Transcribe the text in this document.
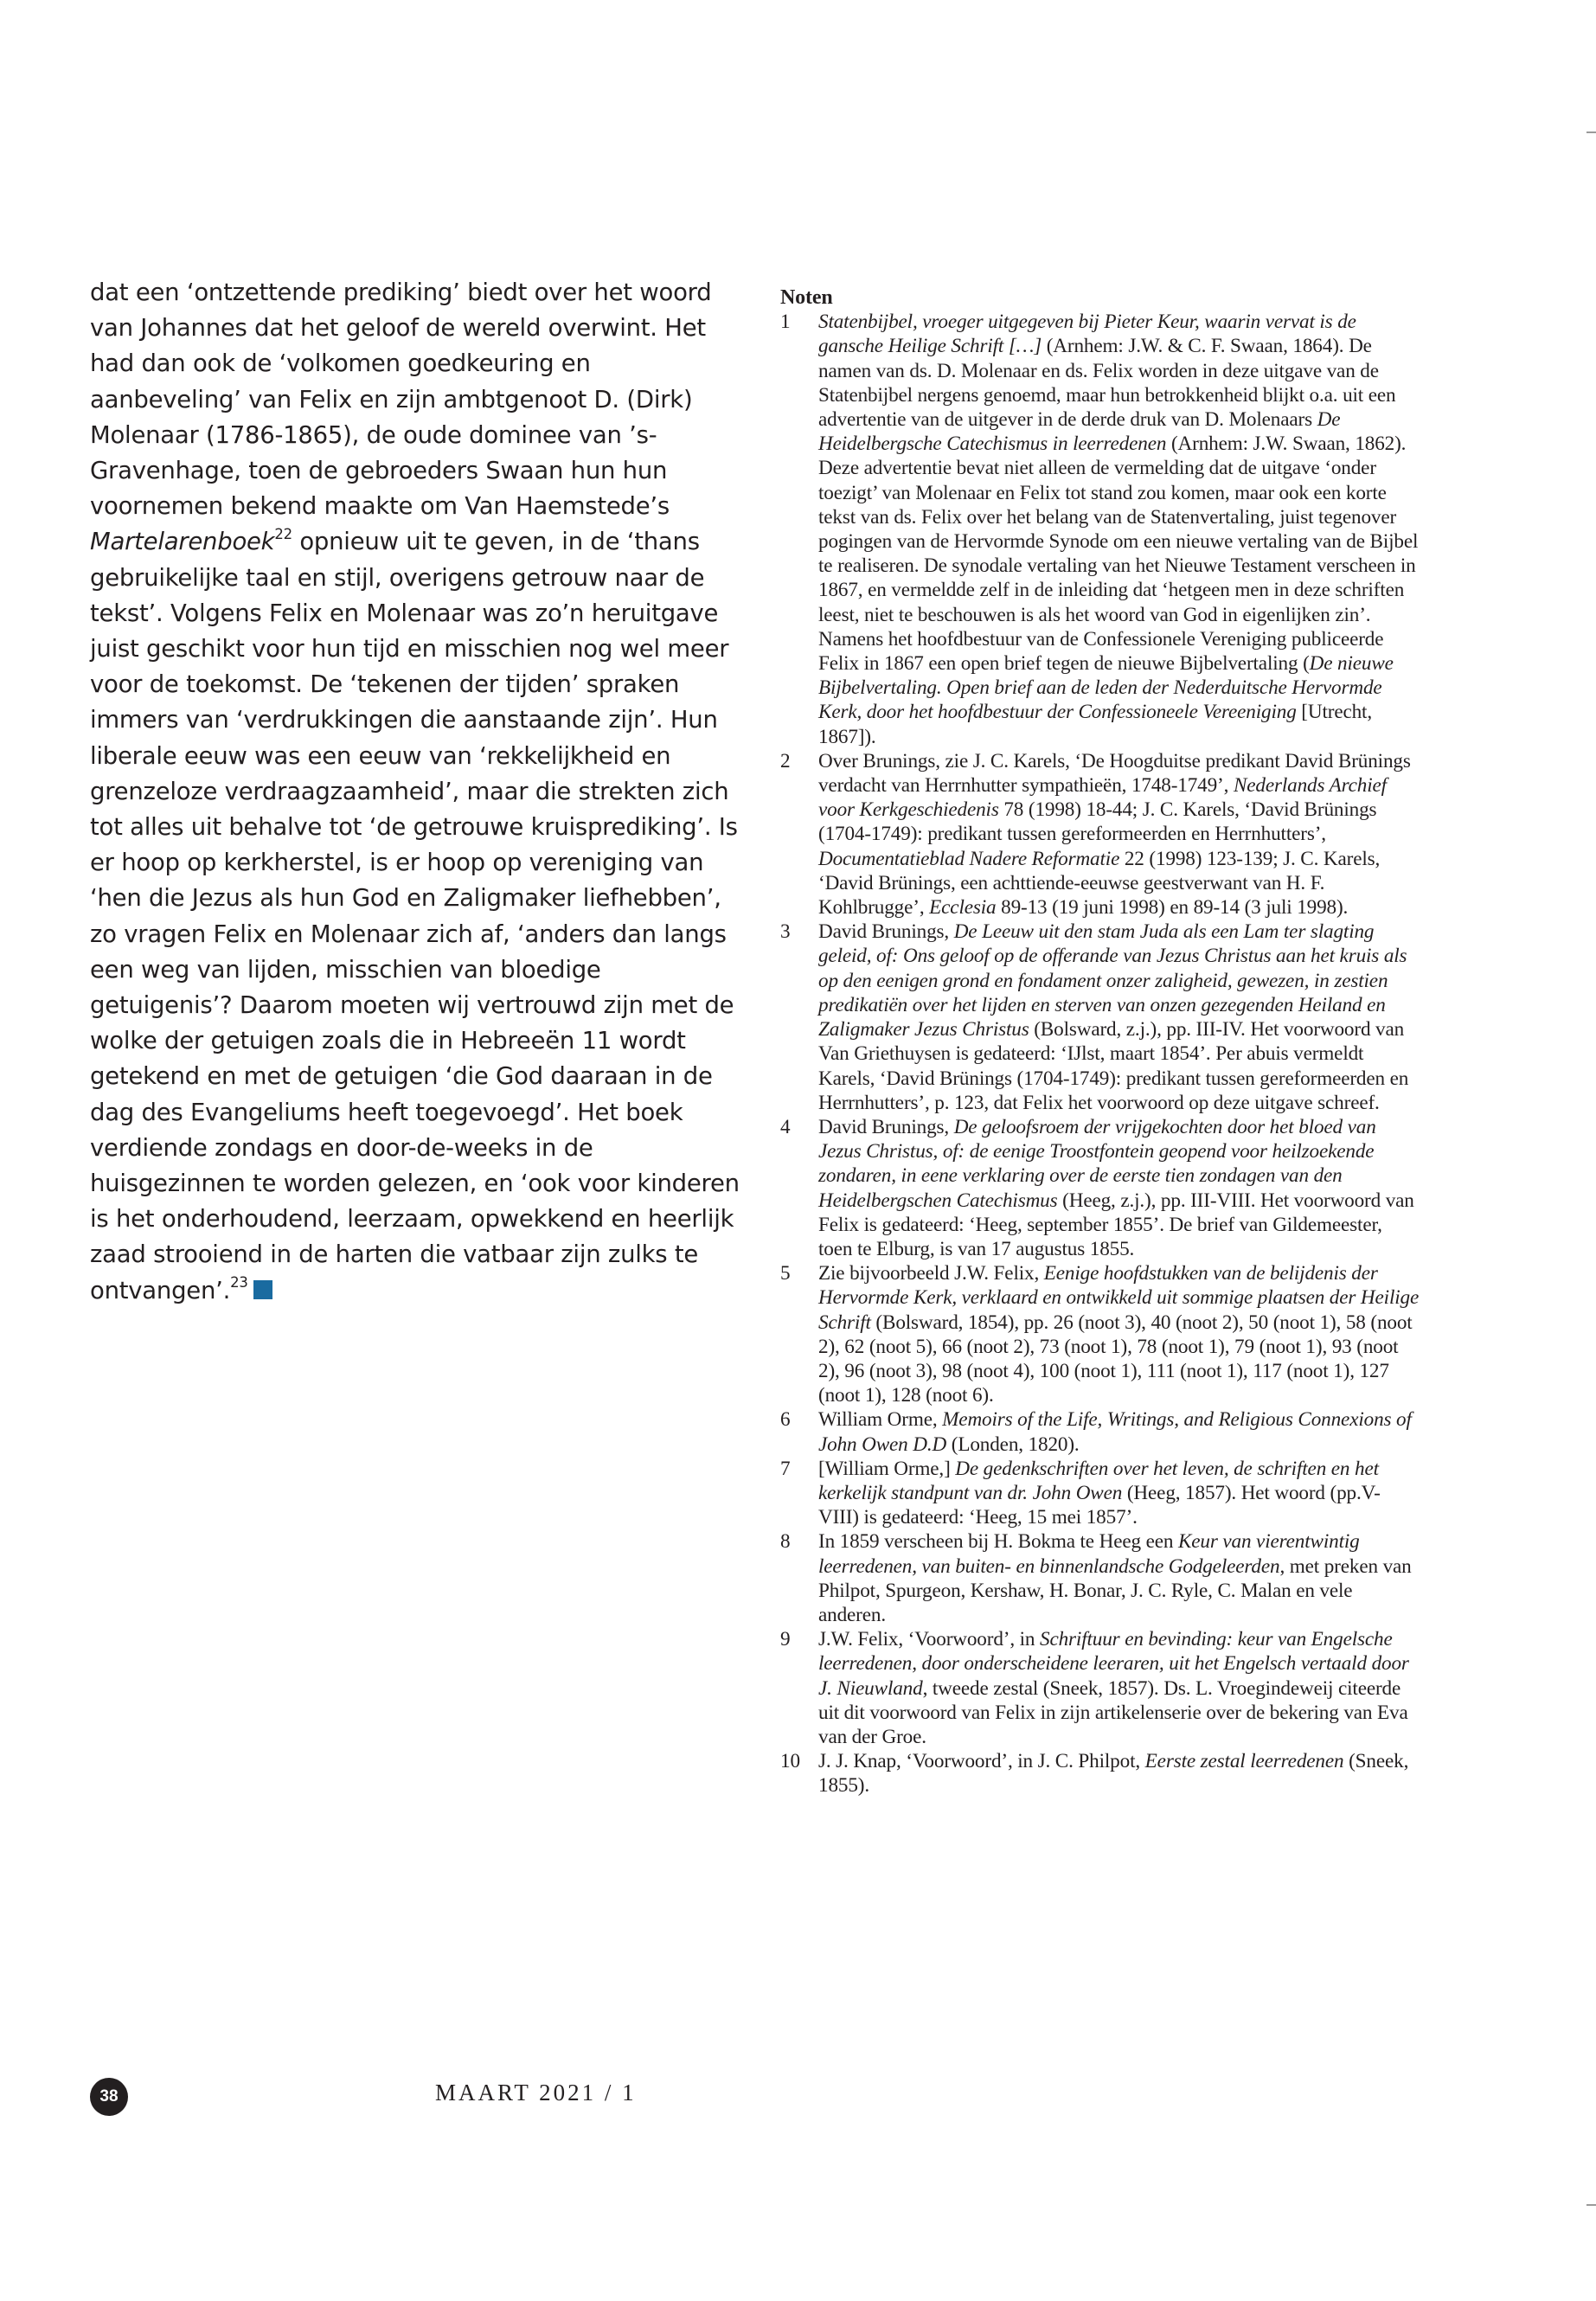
dat een ‘ontzettende prediking’ biedt over het woord van Johannes dat het geloof de wereld overwint. Het had dan ook de ‘volkomen goedkeuring en aanbeveling’ van Felix en zijn ambtgenoot D. (Dirk) Molenaar (1786-1865), de oude dominee van ’s-Gravenhage, toen de gebroeders Swaan hun hun voornemen bekend maakte om Van Haemstede’s Martelarenboek$^{22}$ opnieuw uit te geven, in de ‘thans gebruikelijke taal en stijl, overigens getrouw naar de tekst’. Volgens Felix en Molenaar was zo’n heruitgave juist geschikt voor hun tijd en misschien nog wel meer voor de toekomst. De ‘tekenen der tijden’ spraken immers van ‘verdrukkingen die aanstaande zijn’. Hun liberale eeuw was een eeuw van ‘rekkelijkheid en grenzeloze verdraagzaamheid’, maar die strekten zich tot alles uit behalve tot ‘de getrouwe kruisprediking’. Is er hoop op kerkherstel, is er hoop op vereniging van ‘hen die Jezus als hun God en Zaligmaker liefhebben’, zo vragen Felix en Molenaar zich af, ‘anders dan langs een weg van lijden, misschien van bloedige getuigenis’? Daarom moeten wij vertrouwd zijn met de wolke der getuigen zoals die in Hebreeën 11 wordt getekend en met de getuigen ‘die God daaraan in de dag des Evangeliums heeft toegevoegd’. Het boek verdiende zondags en door-de-weeks in de huisgezinnen te worden gelezen, en ‘ook voor kinderen is het onderhoudend, leerzaam, opwekkend en heerlijk zaad strooiend in de harten die vatbaar zijn zulks te ontvangen’.$^{23}$

Noten

1	Statenbijbel, vroeger uitgegeven bij Pieter Keur, waarin vervat is de gansche Heilige Schrift […] (Arnhem: J.W. & C. F. Swaan, 1864). De namen van ds. D. Molenaar en ds. Felix worden in deze uitgave van de Statenbijbel nergens genoemd, maar hun betrokkenheid blijkt o.a. uit een advertentie van de uitgever in de derde druk van D. Molenaars De Heidelbergsche Catechismus in leerredenen (Arnhem: J.W. Swaan, 1862). Deze advertentie bevat niet alleen de vermelding dat de uitgave ‘onder toezigt’ van Molenaar en Felix tot stand zou komen, maar ook een korte tekst van ds. Felix over het belang van de Statenvertaling, juist tegenover pogingen van de Hervormde Synode om een nieuwe vertaling van de Bijbel te realiseren. De synodale vertaling van het Nieuwe Testament verscheen in 1867, en vermeldde zelf in de inleiding dat ‘hetgeen men in deze schriften leest, niet te beschouwen is als het woord van God in eigenlijken zin’. Namens het hoofdbestuur van de Confessionele Vereniging publiceerde Felix in 1867 een open brief tegen de nieuwe Bijbelvertaling (De nieuwe Bijbelvertaling. Open brief aan de leden der Nederduitsche Hervormde Kerk, door het hoofdbestuur der Confessioneele Vereeniging [Utrecht, 1867]).
2	Over Brunings, zie J. C. Karels, ‘De Hoogduitse predikant David Brünings verdacht van Herrnhutter sympathieën, 1748-1749’, Nederlands Archief voor Kerkgeschiedenis 78 (1998) 18-44; J. C. Karels, ‘David Brünings (1704-1749): predikant tussen gereformeerden en Herrnhutters’, Documentatieblad Nadere Reformatie 22 (1998) 123-139; J. C. Karels, ‘David Brünings, een achttiende-eeuwse geestverwant van H. F. Kohlbrugge’, Ecclesia 89-13 (19 juni 1998) en 89-14 (3 juli 1998).
3	David Brunings, De Leeuw uit den stam Juda als een Lam ter slagting geleid, of: Ons geloof op de offerande van Jezus Christus aan het kruis als op den eenigen grond en fondament onzer zaligheid, gewezen, in zestien predikatiën over het lijden en sterven van onzen gezegenden Heiland en Zaligmaker Jezus Christus (Bolsward, z.j.), pp. III-IV. Het voorwoord van Van Griethuysen is gedateerd: ‘IJlst, maart 1854’. Per abuis vermeldt Karels, ‘David Brünings (1704-1749): predikant tussen gereformeerden en Herrnhutters’, p. 123, dat Felix het voorwoord op deze uitgave schreef.
4	David Brunings, De geloofsroem der vrijgekochten door het bloed van Jezus Christus, of: de eenige Troostfontein geopend voor heilzoekende zondaren, in eene verklaring over de eerste tien zondagen van den Heidelbergschen Catechismus (Heeg, z.j.), pp. III-VIII. Het voorwoord van Felix is gedateerd: ‘Heeg, september 1855’. De brief van Gildemeester, toen te Elburg, is van 17 augustus 1855.
5	Zie bijvoorbeeld J.W. Felix, Eenige hoofdstukken van de belijdenis der Hervormde Kerk, verklaard en ontwikkeld uit sommige plaatsen der Heilige Schrift (Bolsward, 1854), pp. 26 (noot 3), 40 (noot 2), 50 (noot 1), 58 (noot 2), 62 (noot 5), 66 (noot 2), 73 (noot 1), 78 (noot 1), 79 (noot 1), 93 (noot 2), 96 (noot 3), 98 (noot 4), 100 (noot 1), 111 (noot 1), 117 (noot 1), 127 (noot 1), 128 (noot 6).
6	William Orme, Memoirs of the Life, Writings, and Religious Connexions of John Owen D.D (Londen, 1820).
7	[William Orme,] De gedenkschriften over het leven, de schriften en het kerkelijk standpunt van dr. John Owen (Heeg, 1857). Het woord (pp.V-VIII) is gedateerd: ‘Heeg, 15 mei 1857’.
8	In 1859 verscheen bij H. Bokma te Heeg een Keur van vierentwintig leerredenen, van buiten- en binnenlandsche Godgeleerden, met preken van Philpot, Spurgeon, Kershaw, H. Bonar, J. C. Ryle, C. Malan en vele anderen.
9	J.W. Felix, ‘Voorwoord’, in Schriftuur en bevinding: keur van Engelsche leerredenen, door onderscheidene leeraren, uit het Engelsch vertaald door J. Nieuwland, tweede zestal (Sneek, 1857). Ds. L. Vroegindeweij citeerde uit dit voorwoord van Felix in zijn artikelenserie over de bekering van Eva van der Groe.
10 J. J. Knap, ‘Voorwoord’, in J. C. Philpot, Eerste zestal leerredenen (Sneek, 1855).
38	MAART 2021 / 1
